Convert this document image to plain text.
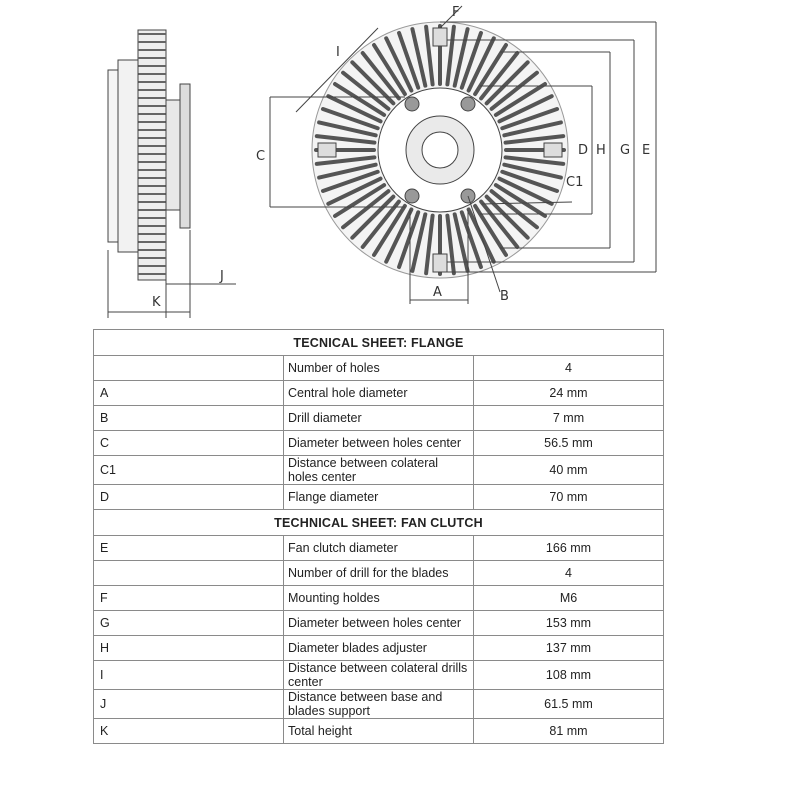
K
J
C	D H G E
A	B
I
C1
F
TECNICAL SHEET: FLANGE		
	Number of holes	4
A	Central hole diameter	24 mm
B	Drill diameter	7 mm
C	Diameter between holes center	56.5 mm
C1	Distance between colateral holes center	40 mm
D	Flange diameter	70 mm
TECHNICAL SHEET: FAN CLUTCH		
E	Fan clutch diameter	166 mm
	Number of drill for the blades	4
F	Mounting holdes	M6
G	Diameter between holes center	153 mm
H	Diameter blades adjuster	137 mm
I	Distance between colateral drills center	108 mm
J	Distance between base and blades support	61.5 mm
K	Total height	81 mm
